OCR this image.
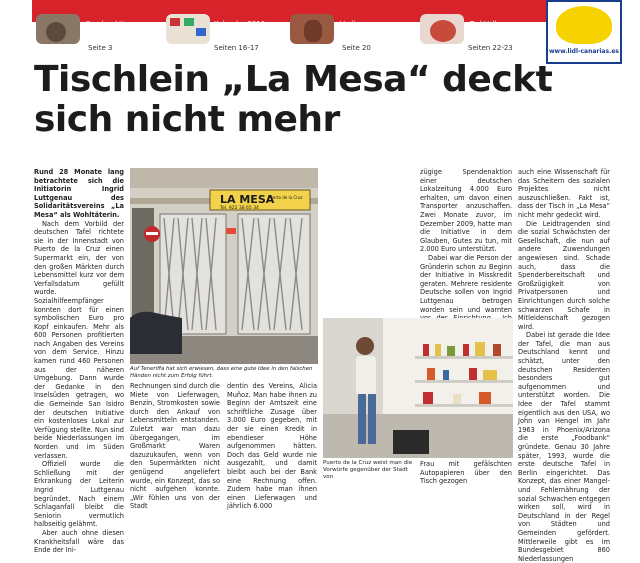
Sonderaktion
Seite 3
Kalender 2010
Seiten 16-17
Verlier
Seite 20
Tod Volk
Seiten 22-23	www.lidl-canarias.es
Tischlein „La Mesa“ deckt sich nicht mehr

Rund 28 Monate lang betrachtete sich die Initiatorin Ingrid Luttgenau des Solidaritätsvereins „La Mesa“ als Wohltäterin.

Nach dem Vorbild der deutschen Tafel richtete sie in der Innenstadt von Puerto de la Cruz einen Supermarkt ein, der von den großen Märkten durch Lebensmittel kurz vor dem Verfallsdatum gefüllt wurde. Sozialhilfeempfänger konnten dort für einen symbolischen Euro pro Kopf einkaufen. Mehr als 600 Personen profitierten nach Angaben des Vereins von dem Service. Hinzu kamen rund 460 Personen aus der näheren Umgebung. Dann wurde der Gedanke in den Inselsüden getragen, wo die Gemeinde San Isidro der deutschen Initiative ein kostenloses Lokal zur Verfügung stellte. Nun sind beide Niederlassungen im Norden und im Süden verlassen.

Offiziell wurde die Schließung mit der Erkrankung der Leiterin Ingrid Luttgenau begründet. Nach einem Schlaganfall bleibt die Seniorin vermutlich halbseitig gelähmt.

Aber auch ohne diesen Krankheitsfall wäre das Ende der Ini-

LA MESA
Puerto de la Cruz
Tel. 922 38 65 34
Auf Teneriffa hat sich erwiesen, dass eine gute Idee in den falschen Händen nicht zum Erfolg führt.

Rechnungen sind durch die Miete von Lieferwagen, Benzin, Stromkosten sowie durch den Ankauf von Lebensmitteln entstanden. Zuletzt war man dazu übergegangen, im Großmarkt Waren dazuzukaufen, wenn von den Supermärkten nicht genügend angeliefert wurde, ein Konzept, das so nicht aufgehen konnte. „Wir fühlen uns von der Stadt

dentin des Vereins, Alicia Muñoz. Man habe ihnen zu Beginn der Amtszeit eine schriftliche Zusage über 3.000 Euro gegeben, mit der sie einen Kredit in ebendieser Höhe aufgenommen hätten. Doch das Geld wurde nie ausgezahlt, und damit bleibt auch bei der Bank eine Rechnung offen. Zudem habe man ihnen einen Lieferwagen und jährlich 6.000

zügige Spendenaktion einer deutschen Lokalzeitung 4.000 Euro erhalten, um davon einen Transporter anzuschaffen. Zwei Monate zuvor, im Dezember 2009, hatte man die Initiative in dem Glauben, Gutes zu tun, mit 2.000 Euro unterstützt.

Dabei war die Person der Gründerin schon zu Beginn der Initiative in Misskredit geraten. Mehrere residente Deutsche sollen von Ingrid Luttgenau betrogen worden sein und warnten

auch eine Wissenschaft für das Scheitern des sozialen Projektes nicht auszuschließen. Fakt ist, dass der Tisch in „La Mesa“ nicht mehr gedeckt wird.

Die Leidtragenden sind die sozial Schwächsten der Gesellschaft, die nun auf andere Zuwendungen angewiesen sind. Schade auch, dass die Spenderbereitschaft und Großzügigkeit von Privatpersonen und Einrichtungen durch solche schwarzen Schafe in Mitleidenschaft gezogen wird.

Dabei ist gerade die Idee der Tafel, die man aus Deutschland kennt und schätzt, unter den deutschen Residenten besonders gut aufgenommen und unterstützt worden. Die Idee der Tafel stammt eigentlich aus den USA, wo John van Hengel im Jahr 1963 in Phoenix/Arizona die erste „Foodbank“ gründete. Genau 30 Jahre später, 1993, wurde die erste deutsche Tafel in Berlin eingerichtet. Das Konzept, das einer Mangel- und Fehlernährung der sozial Schwachen entgegen wirken soll, wird in Deutschland in der Regel von Städten und Gemeinden gefördert. Mittlerweile gibt es im Bundesgebiet 860 Niederlassungen

Puerto de la Cruz weist man die Vorwürfe gegenüber der Stadt von

Frau mit gefälschten Autopapieren über den Tisch gezogen
